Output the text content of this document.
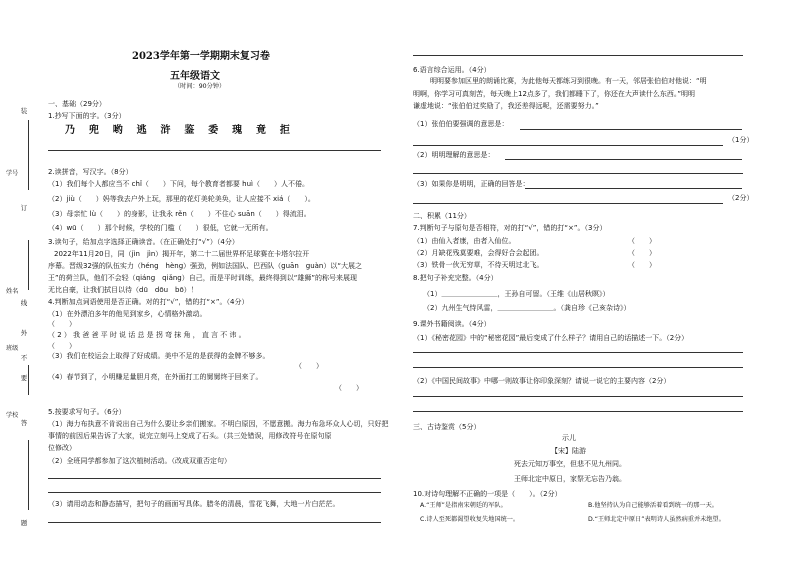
学号
姓名
班级
学校
装
订
线
外
不
要
答
题
2023学年第一学期期末复习卷
五年级语文
（时间：90分钟）
一、基础（29分）
1.抄写下面的字。（3分）
乃 兜 哟 逃 浒 鉴 委 瑰 竟 拒
2.读拼音，写汉字。（8分）
（1）我们每个人都应当不 chǐ（　　）下问，每个教育者都要 huì（　　）人不倦。
（2）jiù（　　）妈等我去户外上玩，那里的花灯美轮美奂，让人应接不 xiá（　　）。
（3）母亲忙 lù（　　）的身影，让我永 rěn（　　）不住心 suān（　　）得流泪。
（4）wū（　　）那个时候，学校的门槛（　　）很低，它就一无所有。
3.读句子，给加点字选择正确读音。（在正确处打“√”）（4分）
2022年11月20日，同（jìn　jìn）揭开年，第二十二届世界杯足球赛在卡塔尔拉开
序幕。晋级32强的队伍实力（héng　hèng）强劲，例如法国队、巴西队（guān　guàn）以“大展之
王”的荷兰队，他们不会轻（qiáng　qiǎng）自己，而是平时训练，最终得到以“雄狮”的称号来展现
无比自豪，让我们拭目以待（dū　dōu　bō）！
4.判断加点词语使用是否正确。对的打“√”，错的打“×”。（4分）
（1）在外漂泊多年的他见到家乡，心情格外激动。
（　　）
（2）我爸爸平时说话总是拐弯抹角，直言不讳。
（　　）
（3）我们在校运会上取得了好成绩。美中不足的是获得的金牌不够多。
（　　）
（4）春节到了，小明赚足量胆月亮，在外面打工的舅舅终于回来了。
（　　）
5.按要求写句子。（6分）
（1）海力布执意不肯说出自己为什么要让乡亲们搬家。不明白原因，不愿意搬。海力布急坏众人心切，只好把
事情的前因后果告诉了大家，说完立刻马上变成了石头。（共三处错误，用修改符号在原句原
位修改）
（2）全班同学都参加了这次植树活动。（改成双重否定句）
（3）请用动态和静态描写，把句子的画面写具体。腊冬的清晨，雪花飞舞，大地一片白茫茫。
6.语言综合运用。（4分）
明明要参加区里的朗诵比赛，为此他每天都练习到很晚。有一天，邻居张伯伯对他说：“明
明啊，你学习可真刻苦，每天晚上12点多了，我们都睡下了，你还在大声读什么东西。”明明
谦虚地说：“张伯伯过奖励了，我还差得远呢，还需要努力。”
（1）张伯伯要强调的意思是：
（1分）
（2）明明理解的意思是：
（3）如果你是明明，正确的回答是：
（2分）
二、积累（11分）
7.判断句子与原句是否相符，对的打“√”，错的打“×”。（3分）
（1）由仙入者康，由者入仙位。	（　　）
（2）月缺花残莫要难，会得好合会起团。	（　　）
（3）铁骨一伙无穷草，不待天明过北飞。	（　　）
8.把句子补充完整。（4分）
（1）＿＿＿＿＿＿＿＿，王孙自可留。（王维《山居秋暝》）
（2）九州生气恃风雷，＿＿＿＿＿＿＿＿。（龚自珍《己亥杂诗》）
9.课外书籍阅读。（4分）
（1）《秘密花园》中的“秘密花园”最后变成了什么样子？请用自己的话描述一下。（2分）
（2）《中国民间故事》中哪一则故事让你印象深刻？请说一说它的主要内容（2分）
三、古诗鉴赏（5分）
示儿
【宋】陆游
死去元知万事空，但悲不见九州同。
王师北定中原日，家祭无忘告乃翁。
10.对诗句理解不正确的一项是（　　）。（2分）
A.“王师”是指南宋朝廷的军队。	B.他坚持认为自己能够活着看到统一的那一天。
C.诗人至死都渴望收复失地国统一。	D.“王师北定中原日”表明诗人虽然病重并未绝望。
